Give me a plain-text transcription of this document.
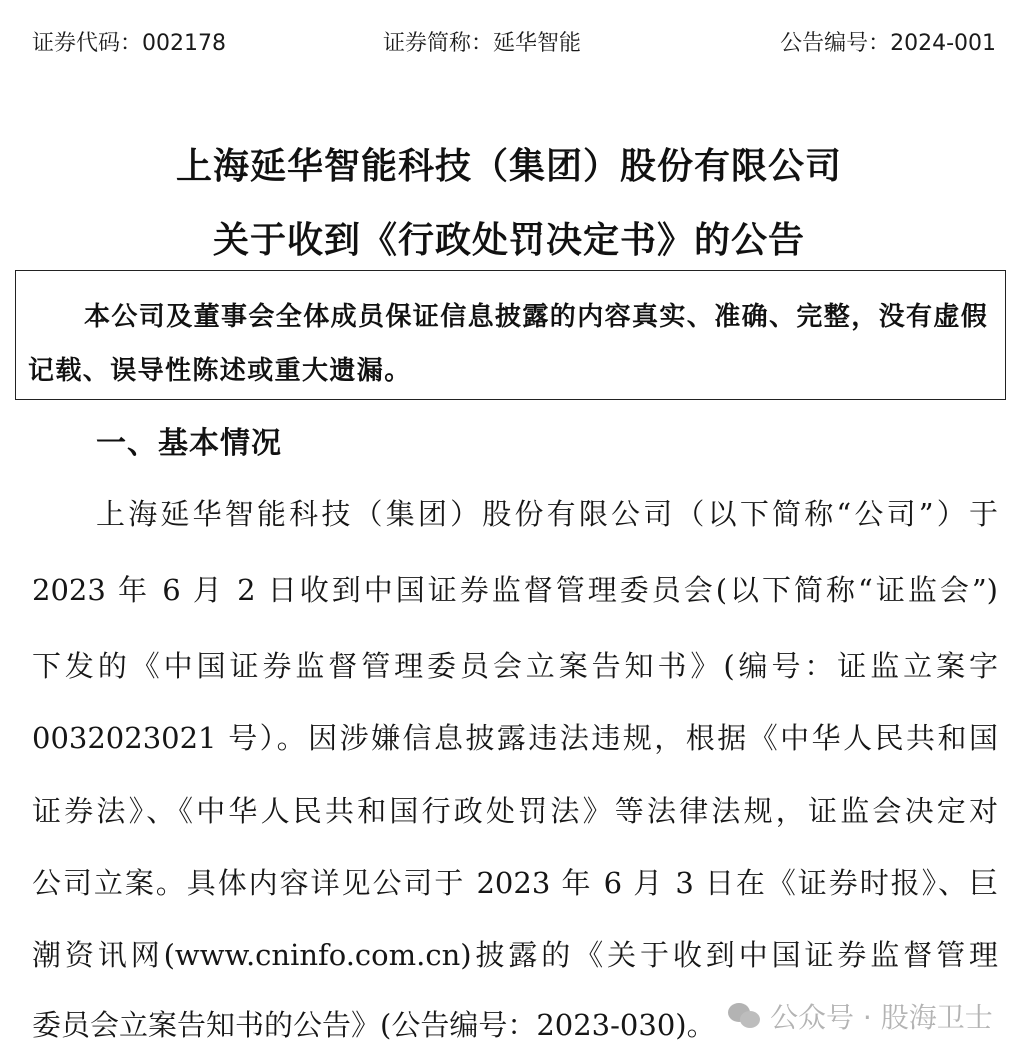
证券代码：002178	证券简称：延华智能	公告编号：2024-001
上海延华智能科技（集团）股份有限公司
关于收到《行政处罚决定书》的公告
本公司及董事会全体成员保证信息披露的内容真实、准确、完整，没有虚假
记载、误导性陈述或重大遗漏。
一、基本情况
上海延华智能科技（集团）股份有限公司（以下简称“公司”）于
2023 年 6 月 2 日收到中国证券监督管理委员会(以下简称“证监会”)
下发的《中国证券监督管理委员会立案告知书》(编号：证监立案字
0032023021 号）。因涉嫌信息披露违法违规，根据《中华人民共和国
证券法》、《中华人民共和国行政处罚法》等法律法规，证监会决定对
公司立案。具体内容详见公司于 2023 年 6 月 3 日在《证券时报》、巨
潮资讯网(www.cninfo.com.cn)披露的《关于收到中国证券监督管理
委员会立案告知书的公告》(公告编号：2023-030)。 公众号 · 股海卫士
